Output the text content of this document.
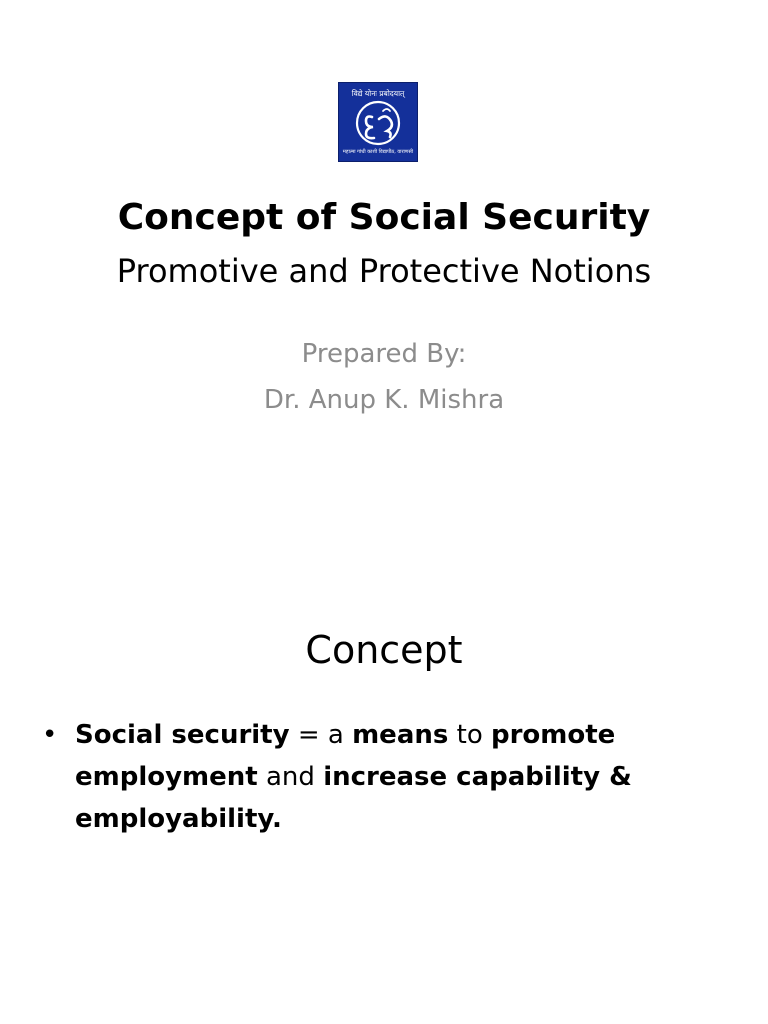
विद्ये योनः प्रबोदयात्
महात्मा गांधी काशी विद्यापीठ, वाराणसी
Concept of Social Security
Promotive and Protective Notions
Prepared By:
Dr. Anup K. Mishra
Concept
• Social security = a means to promote employment and increase capability & employability.
